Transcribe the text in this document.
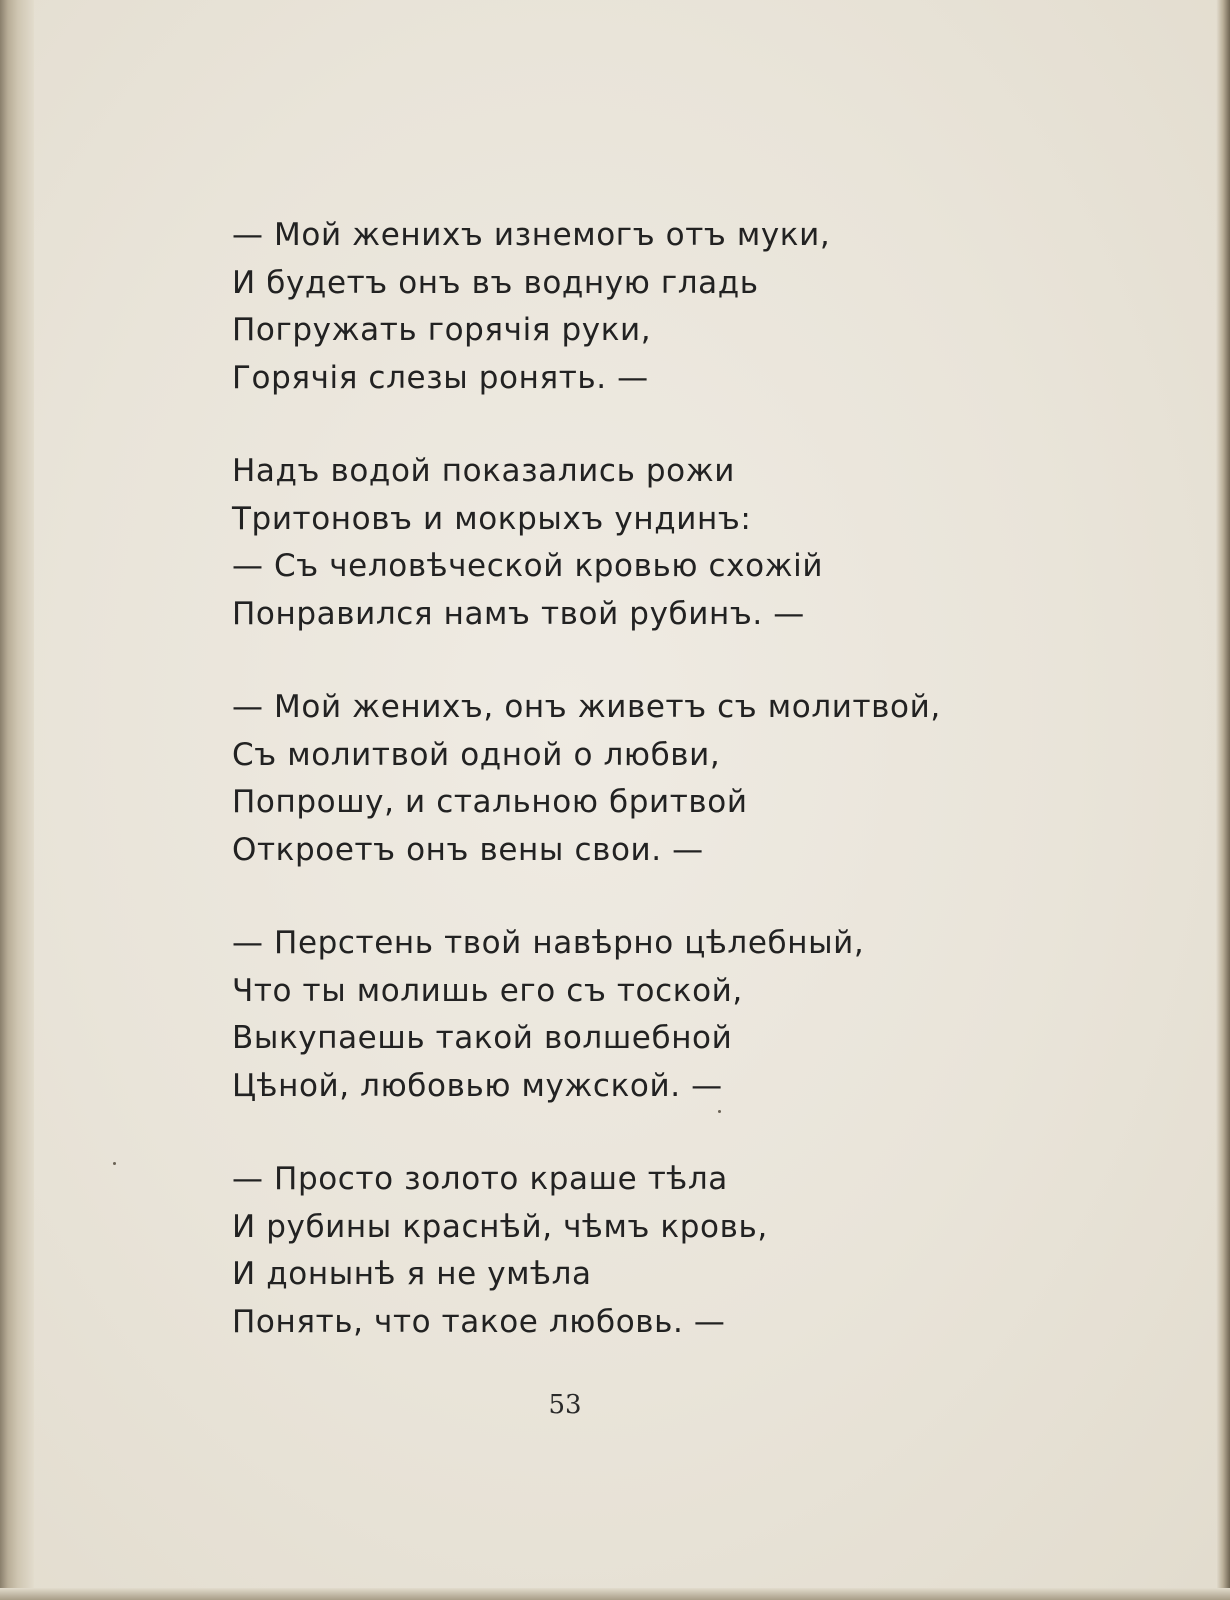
— Мой женихъ изнемогъ отъ муки,
И будетъ онъ въ водную гладь
Погружать горячія руки,
Горячія слезы ронять. —
Надъ водой показались рожи
Тритоновъ и мокрыхъ ундинъ:
— Съ человѣческой кровью схожій
Понравился намъ твой рубинъ. —
— Мой женихъ, онъ живетъ съ молитвой,
Съ молитвой одной о любви,
Попрошу, и стальною бритвой
Откроетъ онъ вены свои. —
— Перстень твой навѣрно цѣлебный,
Что ты молишь его съ тоской,
Выкупаешь такой волшебной
Цѣной, любовью мужской. —
— Просто золото краше тѣла
И рубины краснѣй, чѣмъ кровь,
И донынѣ я не умѣла
Понять, что такое любовь. —
53
